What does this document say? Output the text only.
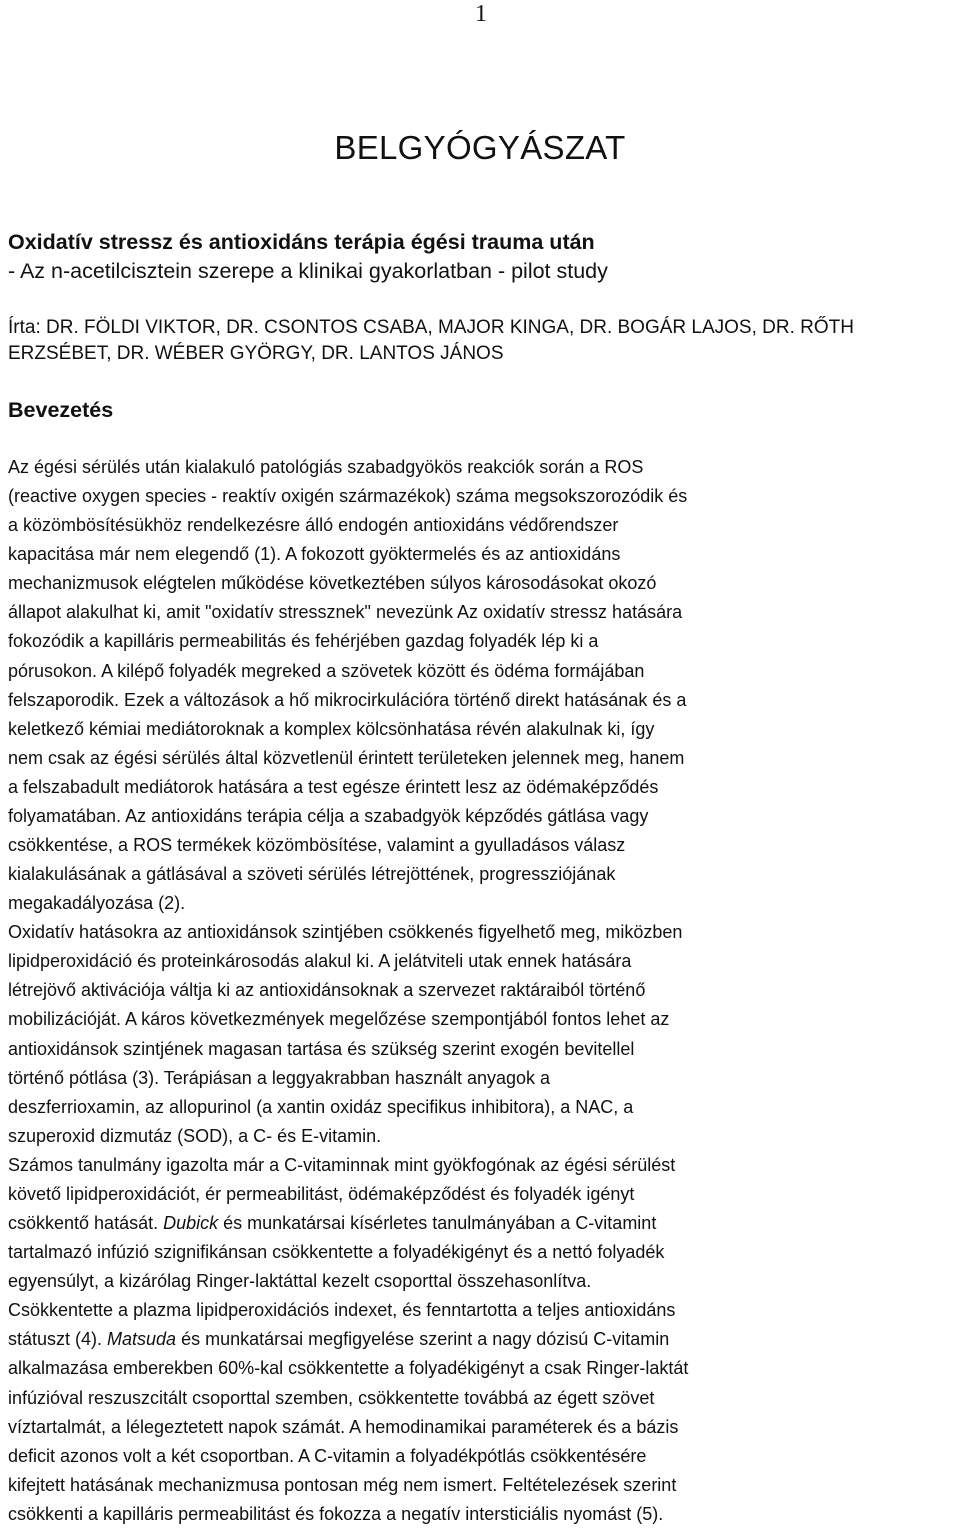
1
BELGYÓGYÁSZAT
Oxidatív stressz és antioxidáns terápia égési trauma után
- Az n-acetilcisztein szerepe a klinikai gyakorlatban - pilot study
Írta: DR. FÖLDI VIKTOR, DR. CSONTOS CSABA, MAJOR KINGA, DR. BOGÁR LAJOS, DR. RŐTH
ERZSÉBET, DR. WÉBER GYÖRGY, DR. LANTOS JÁNOS
Bevezetés
Az égési sérülés után kialakuló patológiás szabadgyökös reakciók során a ROS
(reactive oxygen species - reaktív oxigén származékok) száma megsokszorozódik és
a közömbösítésükhöz rendelkezésre álló endogén antioxidáns védőrendszer
kapacitása már nem elegendő (1). A fokozott gyöktermelés és az antioxidáns
mechanizmusok elégtelen működése következtében súlyos károsodásokat okozó
állapot alakulhat ki, amit "oxidatív stressznek" nevezünk Az oxidatív stressz hatására
fokozódik a kapilláris permeabilitás és fehérjében gazdag folyadék lép ki a
pórusokon. A kilépő folyadék megreked a szövetek között és ödéma formájában
felszaporodik. Ezek a változások a hő mikrocirkulációra történő direkt hatásának és a
keletkező kémiai mediátoroknak a komplex kölcsönhatása révén alakulnak ki, így
nem csak az égési sérülés által közvetlenül érintett területeken jelennek meg, hanem
a felszabadult mediátorok hatására a test egésze érintett lesz az ödémaképződés
folyamatában. Az antioxidáns terápia célja a szabadgyök képződés gátlása vagy
csökkentése, a ROS termékek közömbösítése, valamint a gyulladásos válasz
kialakulásának a gátlásával a szöveti sérülés létrejöttének, progressziójának
megakadályozása (2).
Oxidatív hatásokra az antioxidánsok szintjében csökkenés figyelhető meg, miközben
lipidperoxidáció és proteinkárosodás alakul ki. A jelátviteli utak ennek hatására
létrejövő aktivációja váltja ki az antioxidánsoknak a szervezet raktáraiból történő
mobilizációját. A káros következmények megelőzése szempontjából fontos lehet az
antioxidánsok szintjének magasan tartása és szükség szerint exogén bevitellel
történő pótlása (3). Terápiásan a leggyakrabban használt anyagok a
deszferrioxamin, az allopurinol (a xantin oxidáz specifikus inhibitora), a NAC, a
szuperoxid dizmutáz (SOD), a C- és E-vitamin.
Számos tanulmány igazolta már a C-vitaminnak mint gyökfogónak az égési sérülést
követő lipidperoxidációt, ér permeabilitást, ödémaképződést és folyadék igényt
csökkentő hatását. Dubick és munkatársai kísérletes tanulmányában a C-vitamint
tartalmazó infúzió szignifikánsan csökkentette a folyadékigényt és a nettó folyadék
egyensúlyt, a kizárólag Ringer-laktáttal kezelt csoporttal összehasonlítva.
Csökkentette a plazma lipidperoxidációs indexet, és fenntartotta a teljes antioxidáns
státuszt (4). Matsuda és munkatársai megfigyelése szerint a nagy dózisú C-vitamin
alkalmazása emberekben 60%-kal csökkentette a folyadékigényt a csak Ringer-laktát
infúzióval reszuszcitált csoporttal szemben, csökkentette továbbá az égett szövet
víztartalmát, a lélegeztetett napok számát. A hemodinamikai paraméterek és a bázis
deficit azonos volt a két csoportban. A C-vitamin a folyadékpótlás csökkentésére
kifejtett hatásának mechanizmusa pontosan még nem ismert. Feltételezések szerint
csökkenti a kapilláris permeabilitást és fokozza a negatív intersticiális nyomást (5).
